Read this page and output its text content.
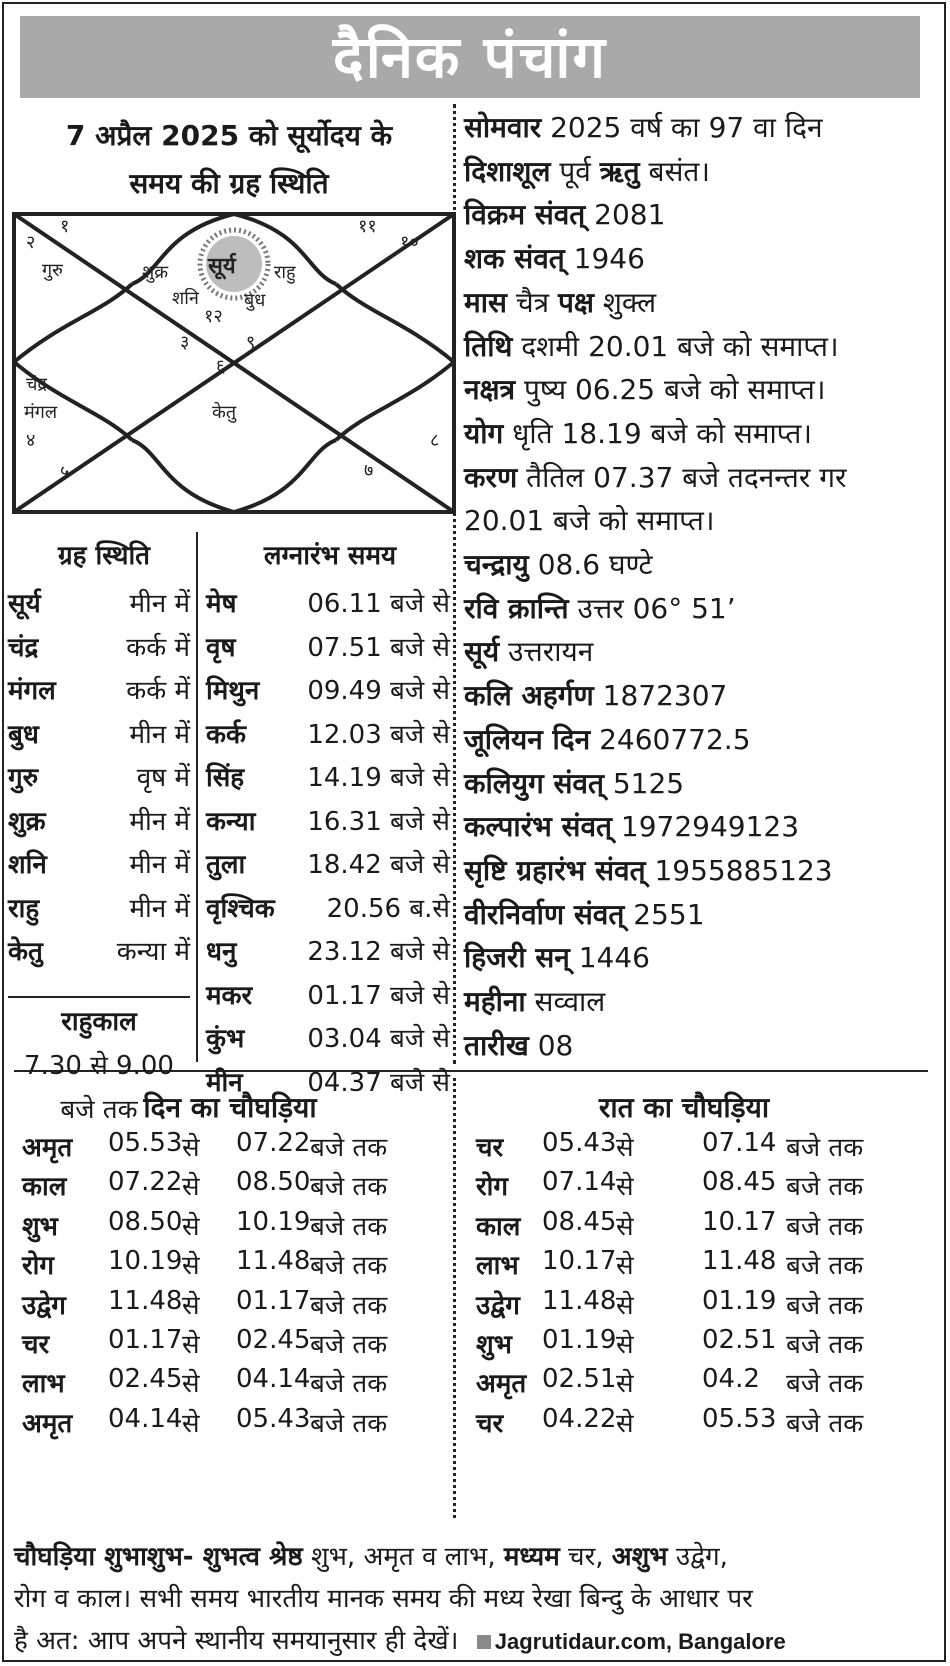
दैनिक पंचांग
7 अप्रैल 2025 को सूर्योदय के
समय की ग्रह स्थिति
१
२
३
४
५
६
७
८
९
१०
११
१२
गुरु	शुक्र सूर्य राहु
शनि	बुध
चंद्र
मंगल	केतु
ग्रह स्थिति
सूर्य	मीन में
चंद्र	कर्क में
मंगल	कर्क में
बुध	मीन में
गुरु	वृष में
शुक्र	मीन में
शनि	मीन में
राहु	मीन में
केतु	कन्या में
राहुकाल
7.30 से 9.00
बजे तक
लग्नारंभ समय
मेष	06.11 बजे से
वृष	07.51 बजे से
मिथुन 09.49 बजे से
कर्क 12.03 बजे से
सिंह 14.19 बजे से
कन्या 16.31 बजे से
तुला 18.42 बजे से
वृश्चिक 20.56 ब.से
धनु	23.12 बजे से
मकर 01.17 बजे से
कुंभ 03.04 बजे से
मीन 04.37 बजे से
सोमवार 2025 वर्ष का 97 वा दिन
दिशाशूल पूर्व ऋतु बसंत।
विक्रम संवत् 2081
शक संवत् 1946
मास चैत्र पक्ष शुक्ल
तिथि दशमी 20.01 बजे को समाप्त।
नक्षत्र पुष्य 06.25 बजे को समाप्त।
योग धृति 18.19 बजे को समाप्त।
करण तैतिल 07.37 बजे तदनन्तर गर
20.01 बजे को समाप्त।
चन्द्रायु 08.6 घण्टे
रवि क्रान्ति उत्तर 06° 51’
सूर्य उत्तरायन
कलि अहर्गण 1872307
जूलियन दिन 2460772.5
कलियुग संवत् 5125
कल्पारंभ संवत् 1972949123
सृष्टि ग्रहारंभ संवत् 1955885123
वीरनिर्वाण संवत् 2551
हिजरी सन् 1446
महीना सव्वाल
तारीख 08
दिन का चौघड़िया	रात का चौघड़िया
अमृत 05.53 से 07.22 बजे तक
काल 07.22 से 08.50 बजे तक
शुभ 08.50 से 10.19 बजे तक
रोग 10.19 से 11.48 बजे तक
उद्वेग 11.48 से 01.17 बजे तक
चर 01.17 से 02.45 बजे तक
लाभ 02.45 से 04.14 बजे तक
अमृत 04.14 से 05.43 बजे तक
चर 05.43 से	07.14 बजे तक
रोग 07.14 से	08.45 बजे तक
काल 08.45 से	10.17 बजे तक
लाभ 10.17 से	11.48 बजे तक
उद्वेग 11.48 से	01.19 बजे तक
शुभ 01.19 से	02.51 बजे तक
अमृत 02.51 से	04.2 बजे तक
चर 04.22 से	05.53 बजे तक
चौघड़िया शुभाशुभ- शुभत्व श्रेष्ठ शुभ, अमृत व लाभ, मध्यम चर, अशुभ उद्वेग,
रोग व काल। सभी समय भारतीय मानक समय की मध्य रेखा बिन्दु के आधार पर
है अत: आप अपने स्थानीय समयानुसार ही देखें। Jagrutidaur.com, Bangalore
